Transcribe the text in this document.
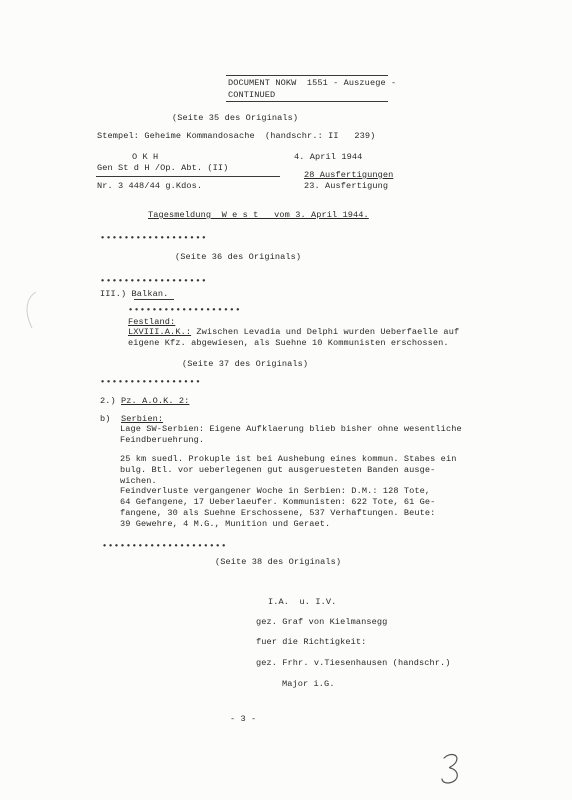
DOCUMENT NOKW  1551 - Auszuege -
CONTINUED
(Seite 35 des Originals)
Stempel: Geheime Kommandosache (handschr.: II   239)
O K H
Gen St d H /Op. Abt. (II)
Nr. 3 448/44 g.Kdos.
4. April 1944
28 Ausfertigungen
23. Ausfertigung
Tagesmeldung  W e s t   vom 3. April 1944.
••••••••••••••••••
(Seite 36 des Originals)
••••••••••••••••••
III.) Balkan.
•••••••••••••••••••
Festland:
LXVIII.A.K.: Zwischen Levadia und Delphi wurden Ueberfaelle auf
eigene Kfz. abgewiesen, als Suehne 10 Kommunisten erschossen.
(Seite 37 des Originals)
•••••••••••••••••
2.) Pz. A.O.K. 2:
b) Serbien:
Lage SW-Serbien: Eigene Aufklaerung blieb bisher ohne wesentliche
Feindberuehrung.
25 km suedl. Prokuple ist bei Aushebung eines kommun. Stabes ein
bulg. Btl. vor ueberlegenen gut ausgeruesteten Banden ausge-
wichen.
Feindverluste vergangener Woche in Serbien: D.M.: 128 Tote,
64 Gefangene, 17 Ueberlaeufer. Kommunisten: 622 Tote, 61 Ge-
fangene, 30 als Suehne Erschossene, 537 Verhaftungen. Beute:
39 Gewehre, 4 M.G., Munition und Geraet.
•••••••••••••••••••••
(Seite 38 des Originals)
I.A.  u. I.V.
gez. Graf von Kielmansegg
fuer die Richtigkeit:
gez. Frhr. v.Tiesenhausen (handschr.)
Major i.G.
- 3 -
